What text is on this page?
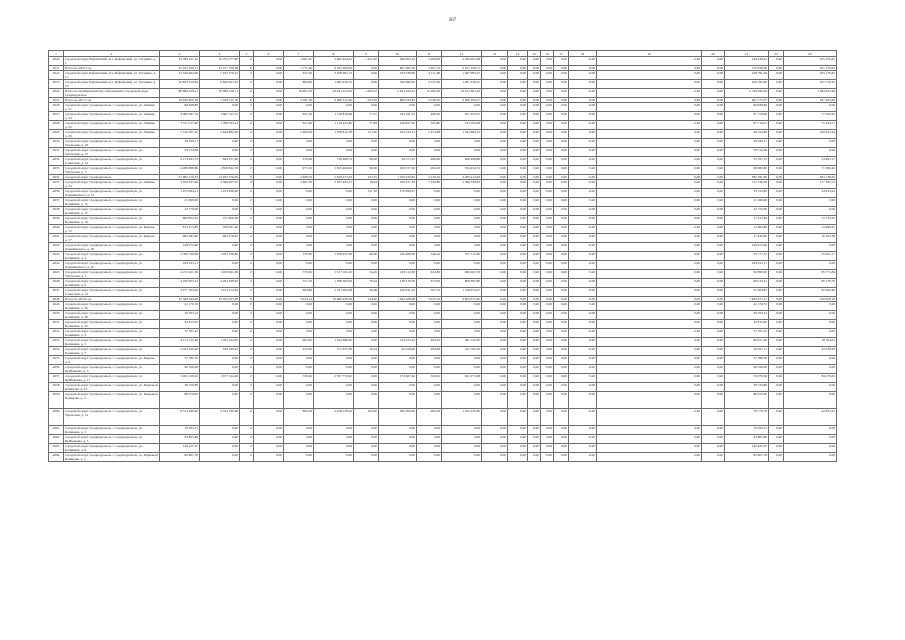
267
1	2	3	4	5	6	7	8	9	10	11	12	13	14	15	16	17	18	19	20	21	22	23
2620	городской округ Рефтинский, пгт. Рефтинский, ул. Гагарина, д. 1	19 780 411,32	10 791 077,98	0	0,00	1 961,67	5 692 624,01	1 221,02	498 904,35	3 268,68	2 596 003,08	0,00	0,00	0,00	0,00	0,00	0-00	0,00	0,00	128 439,61	0,00	255 279,65
2621	Итого по 2021 год	25 241 636,71	14 757 356,58	0	0,00	1 771,46	6 332 209,84	0,00	661 095,56	3 657,74	3 451 326,71	0,00	0,00	0,00	0,00	0,00	0-00	0,00	0,00	170 958,66	0,00	351 179,03
2622	городской округ Рефтинский, пгт. Рефтинский, ул. Гагарина, д. 17	13 109 492,96	7 247 376,52	0	0,00	931,56	3 168 695,13	0,00	332 038,60	2 111,68	1 467 983,27	0,00	0,00	0,00	0,00	0,00	0-00	0,00	0,00	148 791,64	0,00	165 179,65
2623	городской округ Рефтинский, пгт. Рефтинский, ул. Гагарина, д. 19	10 852 219,64	6 940 927,42	0	0,00	882,90	1 992 918,52	0,00	340 966,92	2 557,06	1 481 319,01	0,00	0,00	0,00	0,00	0,00	0-00	0,00	0,00	109 182,90	0,00	197 579,45
2624	Итого по муниципальному образованию: городской округ Среднеуральск	88 908 429,21	70 486 518,71	0	0,00	10 981,70	29 441 253,20	1 093,52	5 264 100,61	11 000,36	19 617 661,43	0,00	0,00	0,00	0,00	0,00	0-00	0,00	0,00	2 748 290,64	0,00	1 484 825,96
2625	Итого по 2017 год	18 939 406,39	7 428 312,76	0	0,00	2 591,30	4 480 315,40	932,65	806 934,84	3 538,20	4 200 209,27	0,00	0,00	0,00	0,00	0,00	0-00	0,00	0,00	961 775,07	0,00	187 403,09
2626	городской округ Среднеуральск, г. Среднеуральск, ул. Ленина, д. 21	96 848,86	0,00	0	0,00	0,00	0,00	0,00	0,00	0,00	0,00	0,00	0,00	0,00	0,00	0,00	0-00	0,00	0,00	96 848,86	0,00	0,00
2627	городской округ Среднеуральск, г. Среднеуральск, ул. Ленина, д. 23	4 066 387,74	1 665 745,72	0	0,00	621,30	1 116 816,60	77,37	164 181,21	468,56	971 453,01	0,00	0,00	0,00	0,00	0,00	0-00	0,00	0,00	67 779,99	0,00	71 362,92
2628	городской округ Среднеуральск, г. Среднеуральск, ул. Ленина, д. 25	3 721 917,90	1 789 592,23	0	0,00	621,90	1 119 443,82	77,83	229 827,92	595,80	515 106,08	0,00	0,00	0,00	0,00	0,00	0-00	0,00	0,00	67 719,01	0,00	71 294,71
2629	городской округ Среднеуральск, г. Среднеуральск, ул. Ленина, д. 26	5 510 761,32	2 644 862,06	0	0,00	1 600,00	1 708 812,78	137,96	162 234,12	1 274,68	1 594 684,15	0,00	0,00	0,00	0,00	0,00	0-00	0,00	0,00	99 324,88	0,00	100 812,44
2630	городской округ Среднеуральск, г. Среднеуральск, ул. Уральская, д. 25	59 169,11	0,00	0	0,00	0,00	0,00	0,00	0,00	0,00	0,00	0,00	0,00	0,00	0,00	0,00	0-00	0,00	0,00	59 169,11	0,00	0,00
2631	городской округ Среднеуральск, г. Среднеуральск, ул. Уральская, д. 27	59 514,38	0,00	0	0,00	0,00	0,00	0,00	0,00	0,00	0,00	0,00	0,00	0,00	0,00	0,00	0-00	0,00	0,00	59 514,38	0,00	0,00
2632	городской округ Среднеуральск, г. Среднеуральск, ул. Советская, д. 12	2 174 493,72	844 257,96	0	0,00	376,09	736 408,74	99,00	56 271,25	486,90	406 948,89	0,00	0,00	0,00	0,00	0,00	0-00	0,00	0,00	55 781,72	0,00	54 895,17
2633	городской округ Среднеуральск, г. Среднеуральск, ул. Уральская, д. 3	4 286 868,80	1 856 842,79	0	0,00	971,50	1 525 466,04	99,00	160 257,00	282,20	704 452,53	0,00	0,00	0,00	0,00	0,00	0-00	0,00	0,00	69 680,80	0,00	71 366,40
2634	городской округ Среднеуральск	27 985 416,53	12 935 376,09	0	0,00	3 496,53	5 816 073,03	253,25	1 160 030,82	3 129,34	4 209 412,64	0,00	0,00	0,00	0,00	0,00	0-00	0,00	0,00	580 581,96	0,00	403 138,65
2635	городской округ Среднеуральск, г. Среднеуральск, ул. Ленина, д. 23	5 022 527,06	2 380 057,25	0	0,00	1 061,50	2 035 445,21	19,94	169 327,59	1 329,86	1 369 558,63	0,00	0,00	0,00	0,00	0,00	0-00	0,00	0,00	111 339,28	0,00	117 392,53
2636	городской округ Среднеуральск, г. Среднеуральск, ул. Дзержинского, д. 12	1 675 994,21	1 254 636,00	0	0,00	0,00	0,00	311,10	170 099,27	0,00	0,00	0,00	0,00	0,00	0,00	0,00	0-00	0,00	0,00	35 152,85	0,00	34 814,24
2637	городской округ Среднеуральск, г. Среднеуральск, ул. Калинина, д. 15	21 490,90	0,00	0	0,00	0,00	0,00	0,00	0,00	0,00	0,00	0,00	0,00	0,00	0,00	0,00	0-00	0,00	0,00	21 490,90	0,00	0,00
2638	городской округ Среднеуральск, г. Среднеуральск, ул. Калинина, д. 17	22 770,00	0,00	0	0,00	0,00	0,00	0,00	0,00	0,00	0,00	0,00	0,00	0,00	0,00	0,00	0-00	0,00	0,00	22 770,00	0,00	0,00
2639	городской округ Среднеуральск, г. Среднеуральск, ул. Калинина, д. 19	809 852,24	751 906,38	0	0,00	0,00	0,00	0,00	0,00	0,00	0,00	0,00	0,00	0,00	0,00	0,00	0-00	0,00	0,00	17 412,84	0,00	15 735,62
2640	городской округ Среднеуральск, г. Среднеуральск, ул. Кирова, д. 15	815 473,85	799 091,40	0	0,00	0,00	0,00	0,00	0,00	0,00	0,00	0,00	0,00	0,00	0,00	0,00	0-00	0,00	0,00	11 882,80	0,00	13 499,65
2641	городской округ Среднеуральск, г. Среднеуральск, ул. Кирова, д. 17	682 983,46	603 278,95	0	0,00	0,00	0,00	0,00	0,00	0,00	0,00	0,00	0,00	0,00	0,00	0,00	0-00	0,00	0,00	17 440,80	0,00	16 165,38
2642	городской округ Среднеуральск, г. Среднеуральск, ул. Дзержинского, д. 20	149 972,60	0,00	0	0,00	0,00	0,00	0,00	0,00	0,00	0,00	0,00	0,00	0,00	0,00	0,00	0-00	0,00	0,00	149 972,60	0,00	0,00
2643	городской округ Среднеуральск, г. Среднеуральск, ул. Калинина, д. 5	2 760 749,99	1 032 158,80	0	0,00	370,60	1 078 452,38	66,00	160 400,00	540,34	377 113,66	0,00	0,00	0,00	0,00	0,00	0-00	0,00	0,00	55 177,12	0,00	55 952,17
2644	городской округ Среднеуральск, г. Среднеуральск, ул. Дзержинского, д. 25	164 913,11	0,00	0	0,00	0,00	0,00	0,00	0,00	0,00	0,00	0,00	0,00	0,00	0,00	0,00	0-00	0,00	0,00	164 913,11	0,00	0,00
2645	городской округ Среднеуральск, г. Среднеуральск, ул. Уральская, д. 1	4 211 921,29	1 458 491,68	0	0,00	735,90	1 517 101,20	54,45	128 114,38	632,80	906 402,76	0,00	0,00	0,00	0,00	0,00	0-00	0,00	0,00	92 899,95	0,00	85 771,84
2646	городской округ Среднеуральск, г. Среднеуральск, ул. Калинина, д. 6	4 160 903,24	2 294 398,92	0	0,00	721,79	1 768 383,99	79,43	128 318,30	673,00	800 995,89	0,00	0,00	0,00	0,00	0,00	0-00	0,00	0,00	90 019,41	0,00	80 176,70
2647	городской округ Среднеуральск, г. Среднеуральск, ул. Советская, д. 10	3 277 304,99	1 913 512,84	0	0,00	604,80	2 147 904,28	50,68	190 831,42	501,53	1 146 973,07	0,00	0,00	0,00	0,00	0,00	0-00	0,00	0,00	51 009,83	0,00	62 262,46
2648	Итого по 2019 год	32 566 944,62	19 555 055,29	0	0,00	3 054,14	10 660 920,39	234,00	1 364 568,68	3 023,79	4 803 675,65	0,00	0,00	0,00	0,00	0,00	0-00	0,00	0,00	1 659 075,15	0,00	530 858,16
2649	городской округ Среднеуральск, г. Среднеуральск, ул. Калинина, д. 26	41 176,72	0,00	0	0,00	0,00	0,00	0,00	0,00	0,00	0,00	0,00	0,00	0,00	0,00	0,00	0-00	0,00	0,00	41 176,72	0,00	0,00
2650	городской округ Среднеуральск, г. Среднеуральск, ул. Калинина, д. 28	29 703,12	0,00	0	0,00	0,00	0,00	0,00	0,00	0,00	0,00	0,00	0,00	0,00	0,00	0,00	0-00	0,00	0,00	29 703,12	0,00	0,00
2651	городской округ Среднеуральск, г. Среднеуральск, ул. Калинина, д. 32	42 815,65	0,00	0	0,00	0,00	0,00	0,00	0,00	0,00	0,00	0,00	0,00	0,00	0,00	0,00	0-00	0,00	0,00	42 815,65	0,00	0,00
2652	городской округ Среднеуральск, г. Среднеуральск, ул. Калинина, д. 3	37 591,25	0,00	0	0,00	0,00	0,00	0,00	0,00	0,00	0,00	0,00	0,00	0,00	0,00	0,00	0-00	0,00	0,00	37 591,25	0,00	0,00
2653	городской округ Среднеуральск, г. Среднеуральск, ул. Калинина, д. 5	4 112 722,40	1 781 222,05	0	0,00	993,00	1 554 668,20	0,00	314 915,22	463,63	381 142,65	0,00	0,00	0,00	0,00	0,00	0-00	0,00	0,00	80 971,20	0,00	79 704,01
2654	городской округ Среднеуральск, г. Среднеуральск, ул. Калинина, д. 7	2 024 949,26	539 160,91	0	0,00	225,50	771 675,38	10,44	92 256,00	284,69	411 782,56	0,00	0,00	0,00	0,00	0,00	0-00	0,00	0,00	16 591,71	0,00	43 478,63
2655	городской округ Среднеуральск, г. Среднеуральск, ул. Кирова, д. 9	37 386,50	0,00	0	0,00	0,00	0,00	0,00	0,00	0,00	0,00	0,00	0,00	0,00	0,00	0,00	0-00	0,00	0,00	37 386,50	0,00	0,00
2656	городской округ Среднеуральск, г. Среднеуральск, ул. Куйбышева, д. 3	90 526,09	0,00	0	0,00	0,00	0,00	0,00	0,00	0,00	0,00	0,00	0,00	0,00	0,00	0,00	0-00	0,00	0,00	90 526,09	0,00	0,00
2657	городской округ Среднеуральск, г. Среднеуральск, ул. Куйбышева, д. 11	3 491 129,03	1 677 124,48	0	0,00	720,40	2 357 772,92	0,00	172 667,62	520,91	811 273,08	0,00	0,00	0,00	0,00	0,00	0-00	0,00	0,00	53 070,30	0,00	84 179,65
2658	городской округ Среднеуральск, г. Среднеуральск, ул. Парковой Коммуны, д. 10	38 726,89	0,00	0	0,00	0,00	0,00	0,00	0,00	0,00	0,00	0,00	0,00	0,00	0,00	0,00	0-00	0,00	0,00	38 726,89	0,00	0,00
2659	городской округ Среднеуральск, г. Среднеуральск, ул. Парковой Коммуны, д. 4	86 076,00	0,00	0	0,00	0,00	0,00	0,00	0,00	0,00	0,00	0,00	0,00	0,00	0,00	0,00	0-00	0,00	0,00	86 076,00	0,00	0,00
2660	городской округ Среднеуральск, г. Среднеуральск, ул. Уральская, д. 21	8 513 399,20	2 534 790,66	0	0,00	806,50	2 918 578,92	220,90	290 300,00	965,06	1 192 235,80	0,00	0,00	0,00	0,00	0,00	0-00	0,00	0,00	78 779,79	0,00	42 855,61
2661	городской округ Среднеуральск, г. Среднеуральск, ул. Калинина, д. 3	79 593,75	0,00	0	0,00	0,00	0,00	0,00	0,00	0,00	0,00	0,00	0,00	0,00	0,00	0,00	0-00	0,00	0,00	79 593,75	0,00	0,00
2662	городской округ Среднеуральск, г. Среднеуральск, ул. Куйбышева, д. 5	93 805,89	0,00	0	0,00	0,00	0,00	0,00	0,00	0,00	0,00	0,00	0,00	0,00	0,00	0,00	0-00	0,00	0,00	93 805,89	0,00	0,00
2663	городской округ Среднеуральск, г. Среднеуральск, ул. Калинина, д. 8	146 451,97	0,00	0	0,00	0,00	0,00	0,00	0,00	0,00	0,00	0,00	0,00	0,00	0,00	0,00	0-00	0,00	0,00	146 451,97	0,00	0,00
2664	городской округ Среднеуральск, г. Среднеуральск, ул. Парковой Коммуны, д. 4	82 901,78	0,00	0	0,00	0,00	0,00	0,00	0,00	0,00	0,00	0,00	0,00	0,00	0,00	0,00	0-00	0,00	0,00	82 901,78	0,00	0,00
